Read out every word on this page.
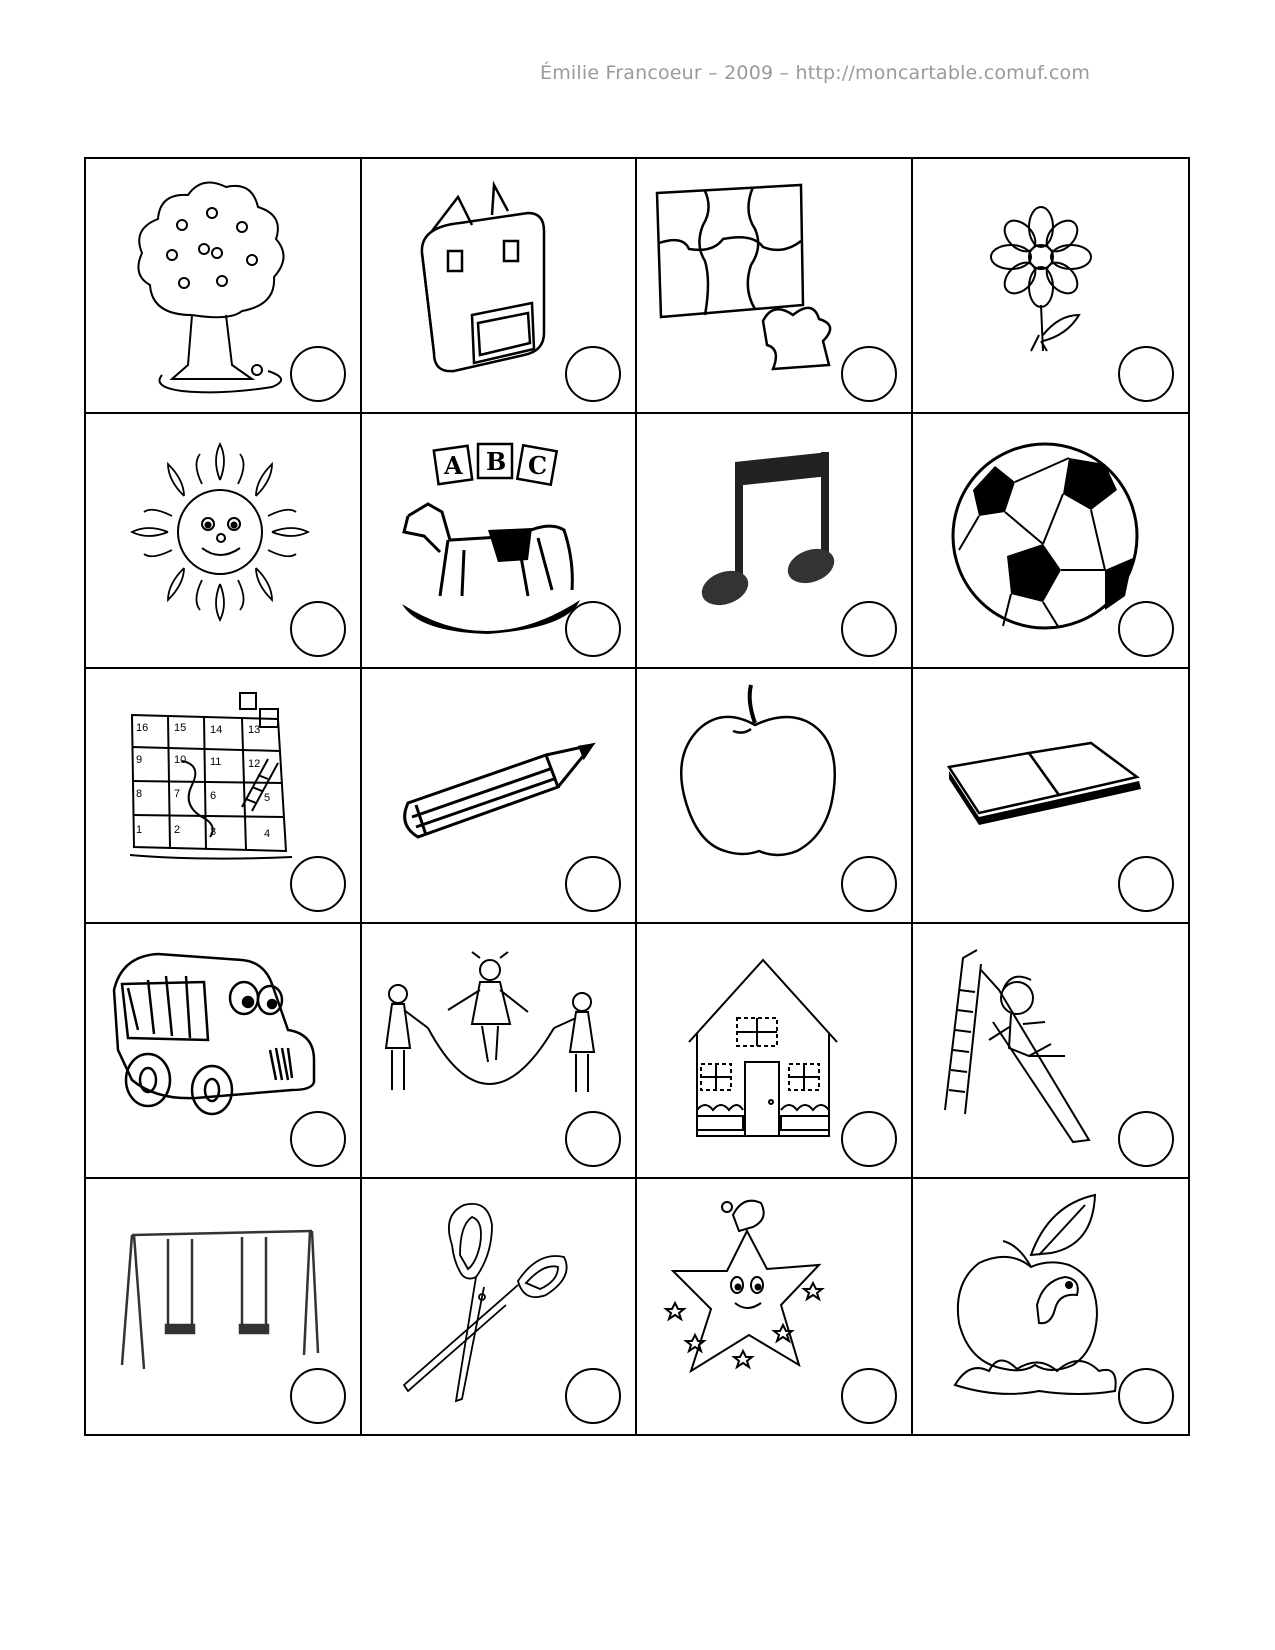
Émilie Francoeur – 2009 – http://moncartable.comuf.com
A B C
16 15 14 13
9	10 11 12
8	7	6	5
1	2	3	4
